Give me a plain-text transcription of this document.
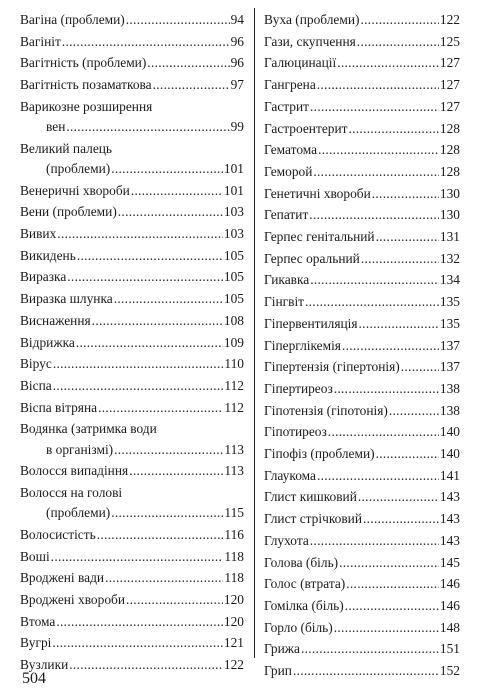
Вагіна (проблеми) .....	94
Вагініт .....	96
Вагітність (проблеми) .....	96
Вагітність позаматкова .....	97
Варикозне розширення
вен .....	99
Великий палець
(проблеми) .....	101
Венеричні хвороби .....	101
Вени (проблеми) .....	103
Вивих .....	103
Викидень .....	105
Виразка .....	105
Виразка шлунка .....	105
Виснаження .....	108
Відрижка .....	109
Вірус .....	110
Віспа .....	112
Віспа вітряна .....	112
Водянка (затримка води
в організмі) .....	113
Волосся випадіння .....	113
Волосся на голові
(проблеми) .....	115
Волосистість .....	116
Воші .....	118
Вроджені вади .....	118
Вроджені хвороби .....	120
Втома .....	120
Вугрі .....	121
Вузлики .....	122
Вуха (проблеми) .....	122
Гази, скупчення .....	125
Галюцинації .....	127
Гангрена .....	127
Гастрит .....	127
Гастроентерит .....	128
Гематома .....	128
Геморой .....	128
Генетичні хвороби .....	130
Гепатит .....	130
Герпес генітальний .....	131
Герпес оральний .....	132
Гикавка .....	134
Гінгвіт .....	135
Гіпервентиляція .....	135
Гіперглікемія .....	137
Гіпертензія (гіпертонія) .....	137
Гіпертиреоз .....	138
Гіпотензія (гіпотонія) .....	138
Гіпотиреоз .....	140
Гіпофіз (проблеми) .....	140
Глаукома .....	141
Глист кишковий .....	143
Глист стрічковий .....	143
Глухота .....	143
Голова (біль) .....	145
Голос (втрата) .....	146
Гомілка (біль) .....	146
Горло (біль) .....	148
Грижа .....	151
Грип .....	152
504
